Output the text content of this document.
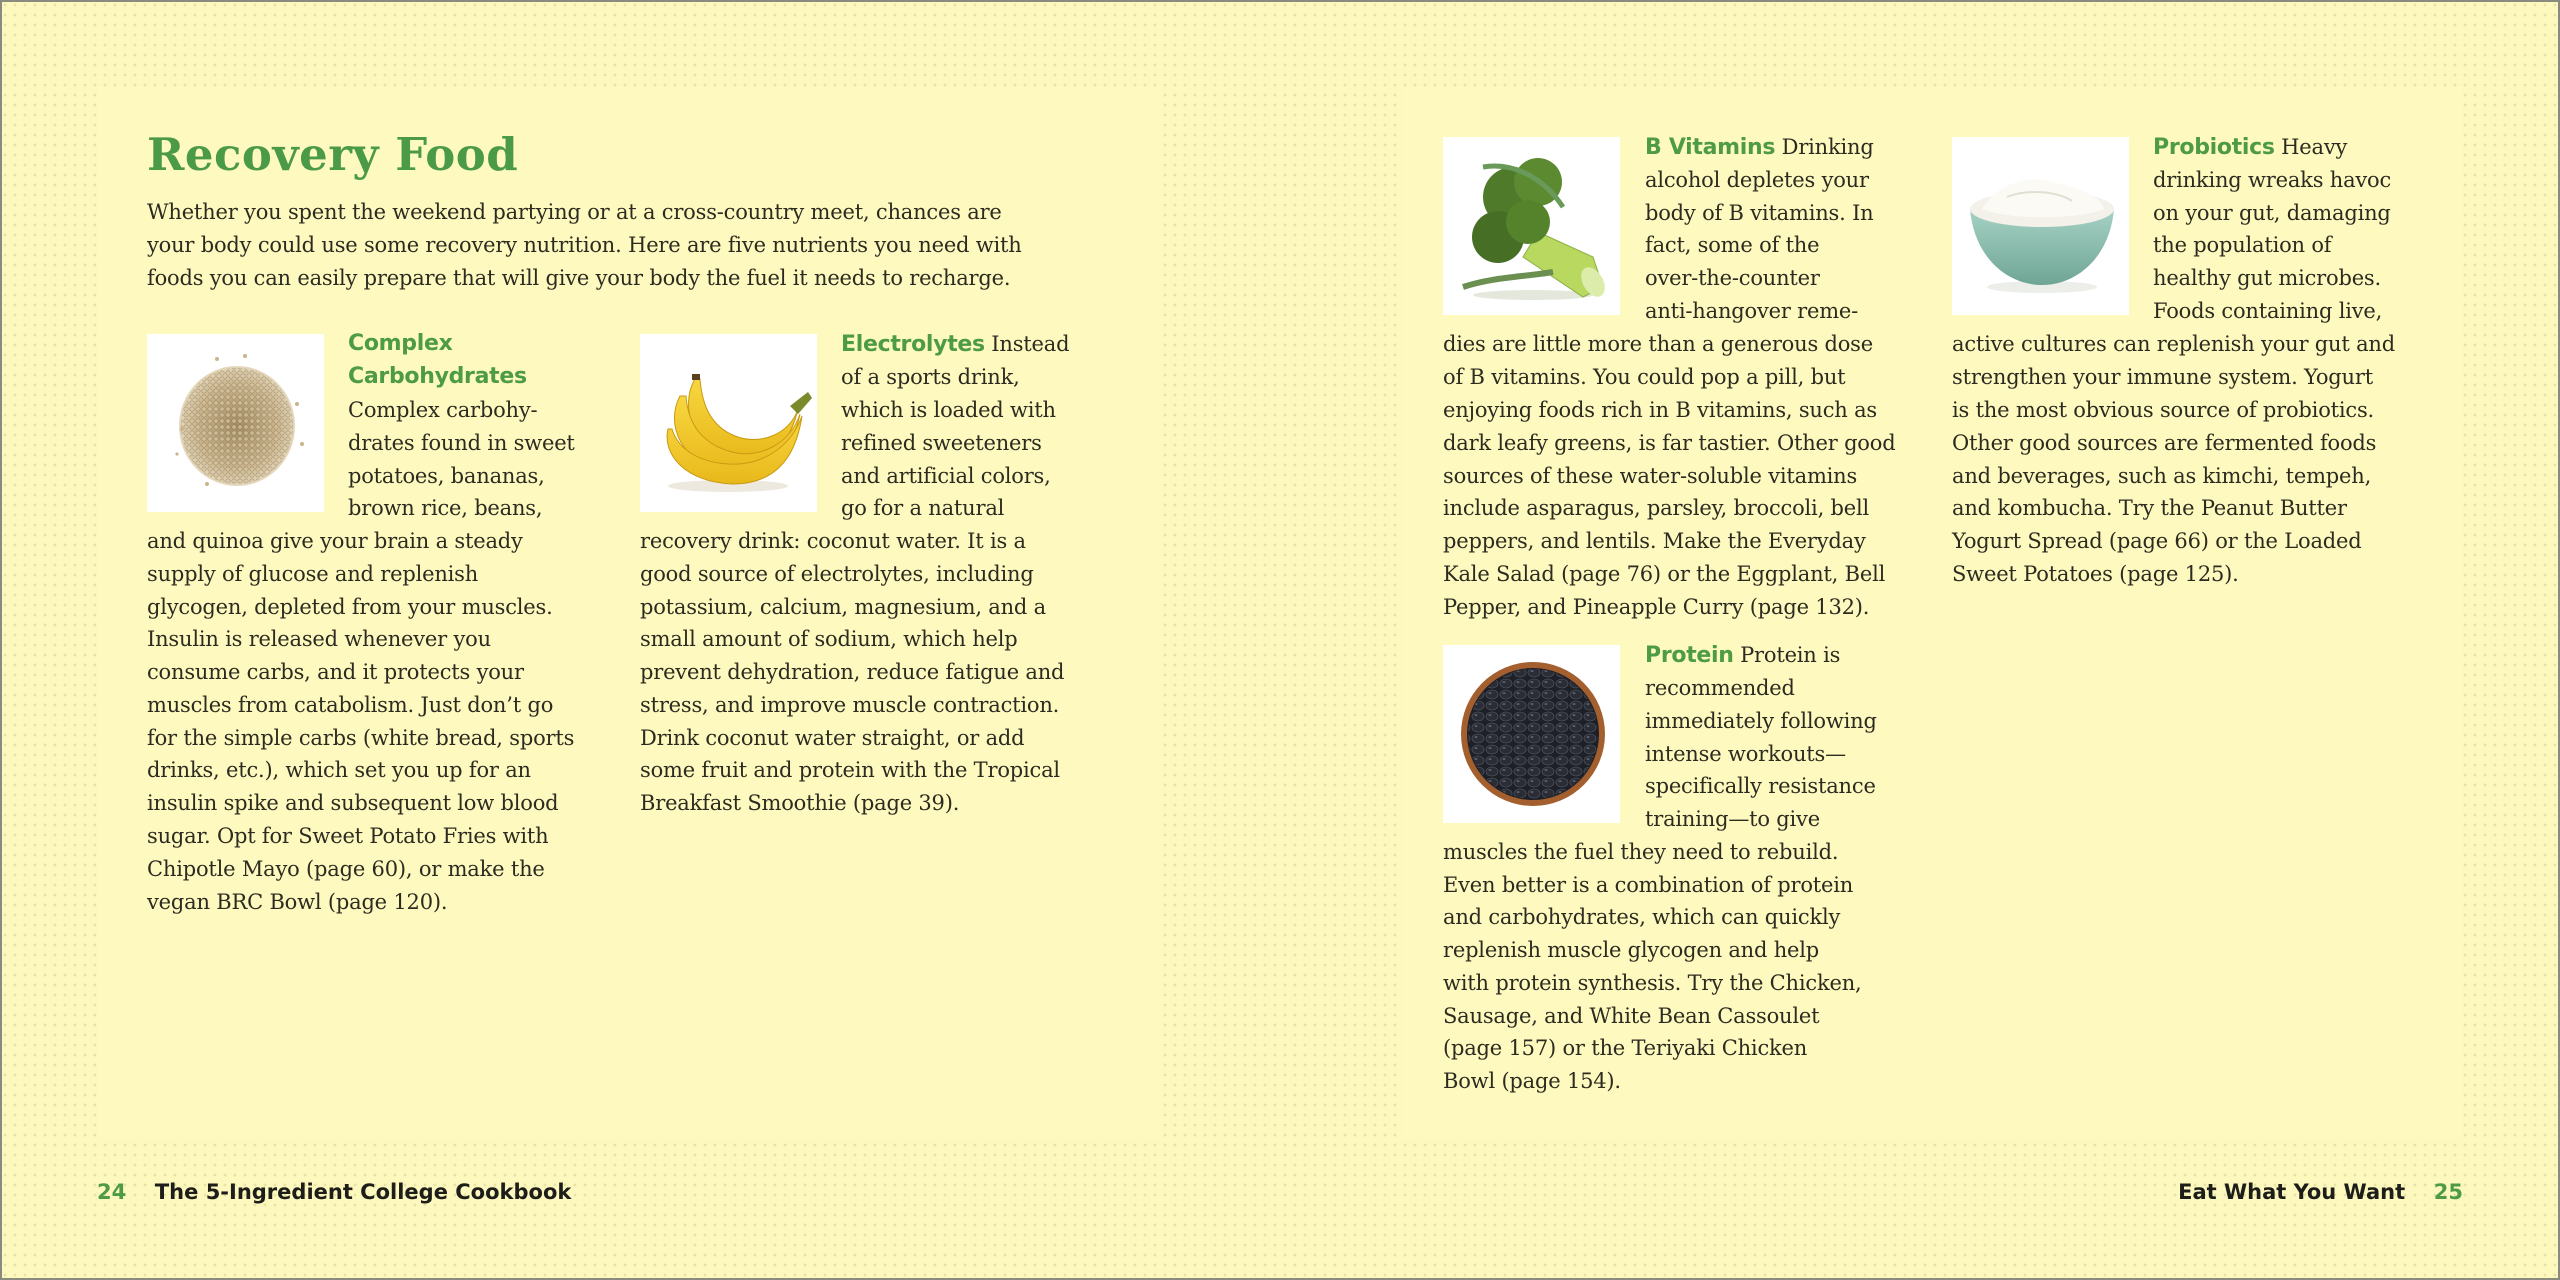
Recovery Food
Whether you spent the weekend partying or at a cross-country meet, chances are
your body could use some recovery nutrition. Here are five nutrients you need with
foods you can easily prepare that will give your body the fuel it needs to recharge.
Complex
Carbohydrates
Complex carbohy-
drates found in sweet
potatoes, bananas,
brown rice, beans,
and quinoa give your brain a steady
supply of glucose and replenish
glycogen, depleted from your muscles.
Insulin is released whenever you
consume carbs, and it protects your
muscles from catabolism. Just don’t go
for the simple carbs (white bread, sports
drinks, etc.), which set you up for an
insulin spike and subsequent low blood
sugar. Opt for Sweet Potato Fries with
Chipotle Mayo (page 60), or make the
vegan BRC Bowl (page 120).
Electrolytes Instead
of a sports drink,
which is loaded with
refined sweeteners
and artificial colors,
go for a natural
recovery drink: coconut water. It is a
good source of electrolytes, including
potassium, calcium, magnesium, and a
small amount of sodium, which help
prevent dehydration, reduce fatigue and
stress, and improve muscle contraction.
Drink coconut water straight, or add
some fruit and protein with the Tropical
Breakfast Smoothie (page 39).
B Vitamins Drinking
alcohol depletes your
body of B vitamins. In
fact, some of the
over-the-counter
anti-hangover reme-
dies are little more than a generous dose
of B vitamins. You could pop a pill, but
enjoying foods rich in B vitamins, such as
dark leafy greens, is far tastier. Other good
sources of these water-soluble vitamins
include asparagus, parsley, broccoli, bell
peppers, and lentils. Make the Everyday
Kale Salad (page 76) or the Eggplant, Bell
Pepper, and Pineapple Curry (page 132).
Protein Protein is
recommended
immediately following
intense workouts—
specifically resistance
training—to give
muscles the fuel they need to rebuild.
Even better is a combination of protein
and carbohydrates, which can quickly
replenish muscle glycogen and help
with protein synthesis. Try the Chicken,
Sausage, and White Bean Cassoulet
(page 157) or the Teriyaki Chicken
Bowl (page 154).
Probiotics Heavy
drinking wreaks havoc
on your gut, damaging
the population of
healthy gut microbes.
Foods containing live,
active cultures can replenish your gut and
strengthen your immune system. Yogurt
is the most obvious source of probiotics.
Other good sources are fermented foods
and beverages, such as kimchi, tempeh,
and kombucha. Try the Peanut Butter
Yogurt Spread (page 66) or the Loaded
Sweet Potatoes (page 125).
24 The 5-Ingredient College Cookbook	Eat What You Want 25
